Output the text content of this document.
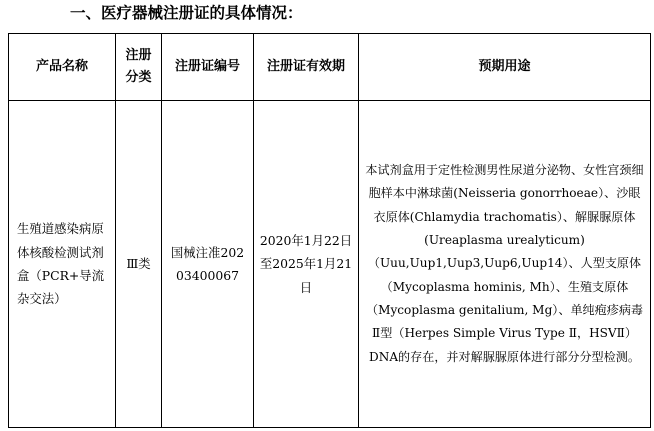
一、医疗器械注册证的具体情况：
产品名称	注册分类	注册证编号	注册证有效期	预期用途
生殖道感染病原体核酸检测试剂盒（PCR+导流杂交法）	Ⅲ类	国械注准20203400067	2020年1月22日至2025年1月21日	本试剂盒用于定性检测男性尿道分泌物、女性宫颈细胞样本中淋球菌(Neisseria gonorrhoeae）、沙眼衣原体(Chlamydia trachomatis）、解脲脲原体(Ureaplasma urealyticum)（Uuu,Uup1,Uup3,Uup6,Uup14）、人型支原体（Mycoplasma hominis, Mh）、生殖支原体（Mycoplasma genitalium, Mg）、单纯疱疹病毒Ⅱ型（Herpes Simple Virus Type Ⅱ，HSVⅡ）DNA的存在，并对解脲脲原体进行部分分型检测。
